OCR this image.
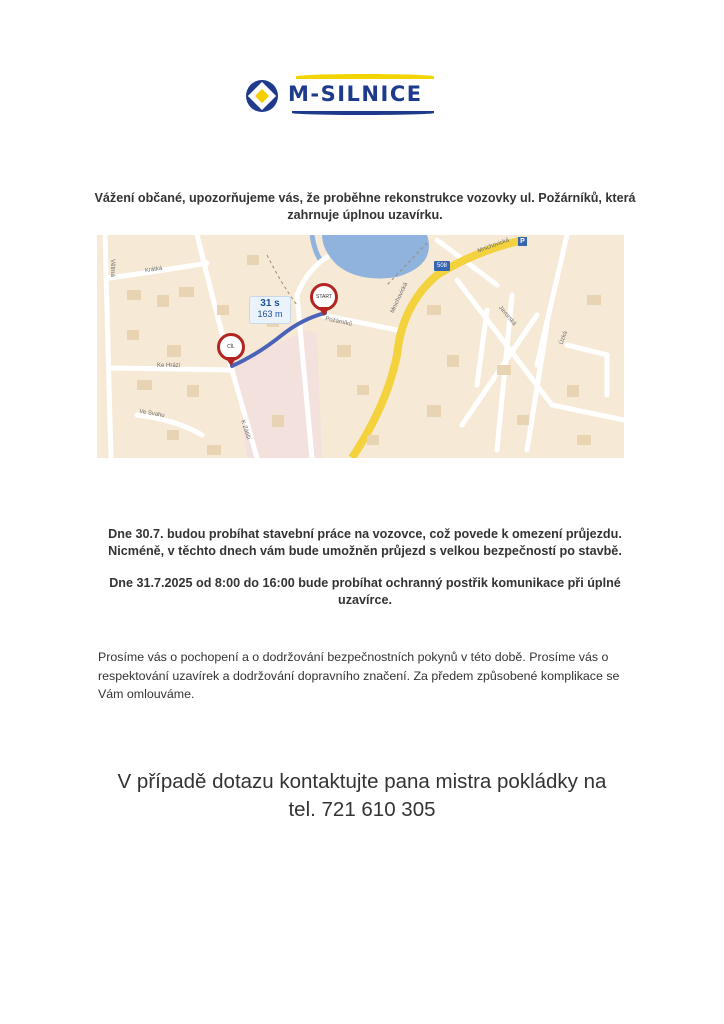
M-SILNICE
Vážení občané, upozorňujeme vás, že proběhne rekonstrukce vozovky ul. Požárníků, která zahrnuje úplnou uzavírku.
Větrná	Krátká
Ke Hrázi
Ve Svahu
K Zátiší
Požárníků
Mnichovická
Mnichovická
Javorská
Úzká
508
P
31 s
163 m
START
CÍL
Dne 30.7. budou probíhat stavební práce na vozovce, což povede k omezení průjezdu. Nicméně, v těchto dnech vám bude umožněn průjezd s velkou bezpečností po stavbě.
Dne 31.7.2025 od 8:00 do 16:00 bude probíhat ochranný postřik komunikace při úplné uzavírce.
Prosíme vás o pochopení a o dodržování bezpečnostních pokynů v této době. Prosíme vás o respektování uzavírek a dodržování dopravního značení. Za předem způsobené komplikace se Vám omlouváme.
V případě dotazu kontaktujte pana mistra pokládky na
tel. 721 610 305
